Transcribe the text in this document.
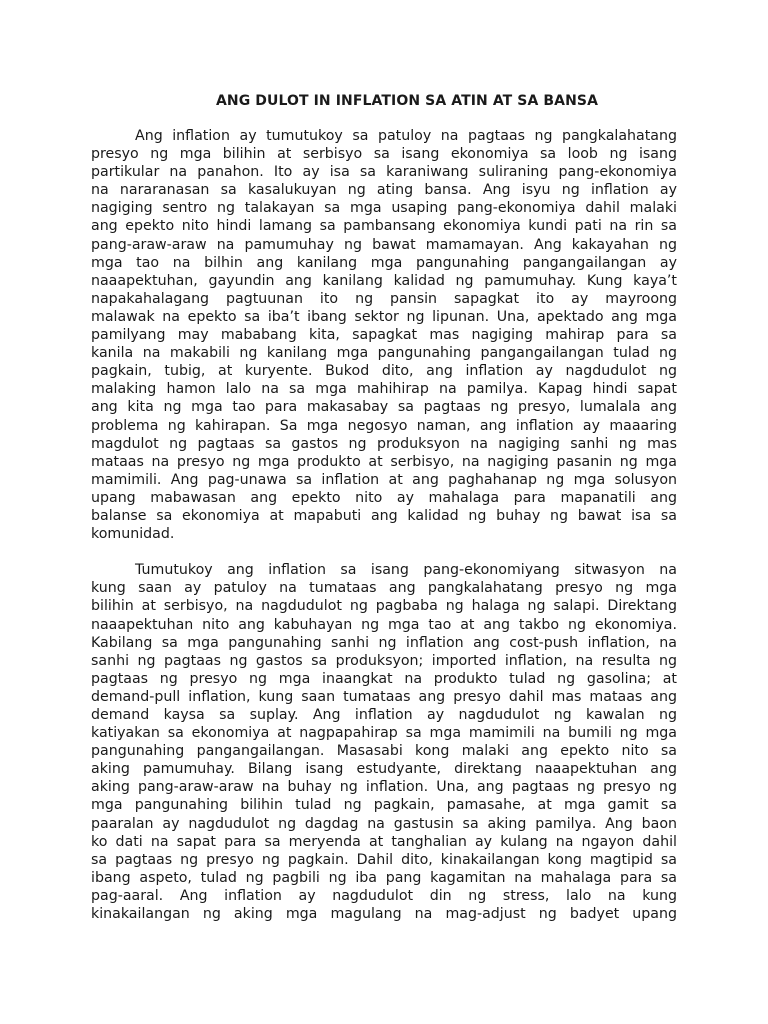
ANG DULOT IN INFLATION SA ATIN AT SA BANSA
Ang inflation ay tumutukoy sa patuloy na pagtaas ng pangkalahatang
presyo ng mga bilihin at serbisyo sa isang ekonomiya sa loob ng isang
partikular na panahon. Ito ay isa sa karaniwang suliraning pang-ekonomiya
na nararanasan sa kasalukuyan ng ating bansa. Ang isyu ng inflation ay
nagiging sentro ng talakayan sa mga usaping pang-ekonomiya dahil malaki
ang epekto nito hindi lamang sa pambansang ekonomiya kundi pati na rin sa
pang-araw-araw na pamumuhay ng bawat mamamayan. Ang kakayahan ng
mga tao na bilhin ang kanilang mga pangunahing pangangailangan ay
naaapektuhan, gayundin ang kanilang kalidad ng pamumuhay. Kung kaya’t
napakahalagang pagtuunan ito ng pansin sapagkat ito ay mayroong
malawak na epekto sa iba’t ibang sektor ng lipunan. Una, apektado ang mga
pamilyang may mababang kita, sapagkat mas nagiging mahirap para sa
kanila na makabili ng kanilang mga pangunahing pangangailangan tulad ng
pagkain, tubig, at kuryente. Bukod dito, ang inflation ay nagdudulot ng
malaking hamon lalo na sa mga mahihirap na pamilya. Kapag hindi sapat
ang kita ng mga tao para makasabay sa pagtaas ng presyo, lumalala ang
problema ng kahirapan. Sa mga negosyo naman, ang inflation ay maaaring
magdulot ng pagtaas sa gastos ng produksyon na nagiging sanhi ng mas
mataas na presyo ng mga produkto at serbisyo, na nagiging pasanin ng mga
mamimili. Ang pag-unawa sa inflation at ang paghahanap ng mga solusyon
upang mabawasan ang epekto nito ay mahalaga para mapanatili ang
balanse sa ekonomiya at mapabuti ang kalidad ng buhay ng bawat isa sa
komunidad.
Tumutukoy ang inflation sa isang pang-ekonomiyang sitwasyon na
kung saan ay patuloy na tumataas ang pangkalahatang presyo ng mga
bilihin at serbisyo, na nagdudulot ng pagbaba ng halaga ng salapi. Direktang
naaapektuhan nito ang kabuhayan ng mga tao at ang takbo ng ekonomiya.
Kabilang sa mga pangunahing sanhi ng inflation ang cost-push inflation, na
sanhi ng pagtaas ng gastos sa produksyon; imported inflation, na resulta ng
pagtaas ng presyo ng mga inaangkat na produkto tulad ng gasolina; at
demand-pull inflation, kung saan tumataas ang presyo dahil mas mataas ang
demand kaysa sa suplay. Ang inflation ay nagdudulot ng kawalan ng
katiyakan sa ekonomiya at nagpapahirap sa mga mamimili na bumili ng mga
pangunahing pangangailangan. Masasabi kong malaki ang epekto nito sa
aking pamumuhay. Bilang isang estudyante, direktang naaapektuhan ang
aking pang-araw-araw na buhay ng inflation. Una, ang pagtaas ng presyo ng
mga pangunahing bilihin tulad ng pagkain, pamasahe, at mga gamit sa
paaralan ay nagdudulot ng dagdag na gastusin sa aking pamilya. Ang baon
ko dati na sapat para sa meryenda at tanghalian ay kulang na ngayon dahil
sa pagtaas ng presyo ng pagkain. Dahil dito, kinakailangan kong magtipid sa
ibang aspeto, tulad ng pagbili ng iba pang kagamitan na mahalaga para sa
pag-aaral. Ang inflation ay nagdudulot din ng stress, lalo na kung
kinakailangan ng aking mga magulang na mag-adjust ng badyet upang
